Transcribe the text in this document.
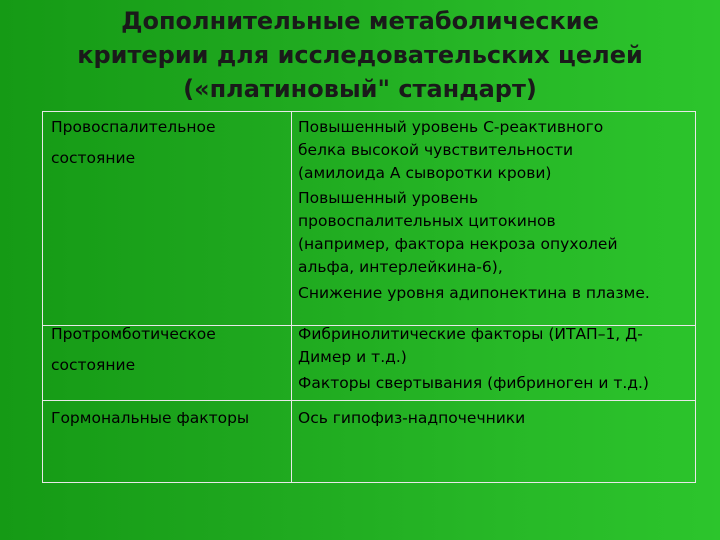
Дополнительные метаболические
критерии для исследовательских целей
(«платиновый" стандарт)
Провоспалительное
состояние
Повышенный уровень С-реактивного
белка высокой чувствительности
(амилоида А сыворотки крови)
Повышенный уровень
провоспалительных цитокинов
(например, фактора некроза опухолей
альфа, интерлейкина-6),
Снижение уровня адипонектина в плазме.
Протромботическое
состояние
Фибринолитические факторы (ИТАП–1, Д-
Димер и т.д.)
Факторы свертывания (фибриноген и т.д.)
Гормональные факторы	Ось гипофиз-надпочечники
